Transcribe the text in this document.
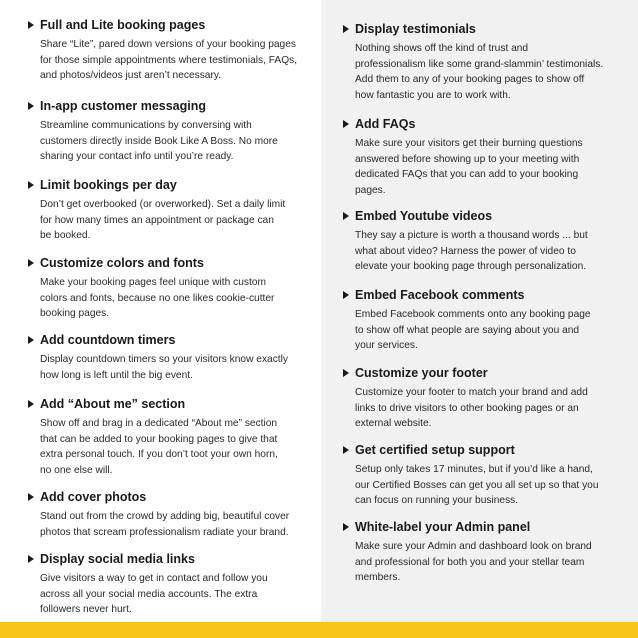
Full and Lite booking pages
Share “Lite”, pared down versions of your booking pages
for those simple appointments where testimonials, FAQs,
and photos/videos just aren’t necessary.
In-app customer messaging
Streamline communications by conversing with
customers directly inside Book Like A Boss. No more
sharing your contact info until you’re ready.
Limit bookings per day
Don’t get overbooked (or overworked). Set a daily limit
for how many times an appointment or package can
be booked.
Customize colors and fonts
Make your booking pages feel unique with custom
colors and fonts, because no one likes cookie-cutter
booking pages.
Add countdown timers
Display countdown timers so your visitors know exactly
how long is left until the big event.
Add “About me” section
Show off and brag in a dedicated “About me” section
that can be added to your booking pages to give that
extra personal touch. If you don’t toot your own horn,
no one else will.
Add cover photos
Stand out from the crowd by adding big, beautiful cover
photos that scream professionalism radiate your brand.
Display social media links
Give visitors a way to get in contact and follow you
across all your social media accounts. The extra
followers never hurt.
Display testimonials
Nothing shows off the kind of trust and
professionalism like some grand-slammin’ testimonials.
Add them to any of your booking pages to show off
how fantastic you are to work with.
Add FAQs
Make sure your visitors get their burning questions
answered before showing up to your meeting with
dedicated FAQs that you can add to your booking
pages.
Embed Youtube videos
They say a picture is worth a thousand words ... but
what about video? Harness the power of video to
elevate your booking page through personalization.
Embed Facebook comments
Embed Facebook comments onto any booking page
to show off what people are saying about you and
your services.
Customize your footer
Customize your footer to match your brand and add
links to drive visitors to other booking pages or an
external website.
Get certified setup support
Setup only takes 17 minutes, but if you’d like a hand,
our Certified Bosses can get you all set up so that you
can focus on running your business.
White-label your Admin panel
Make sure your Admin and dashboard look on brand
and professional for both you and your stellar team
members.
